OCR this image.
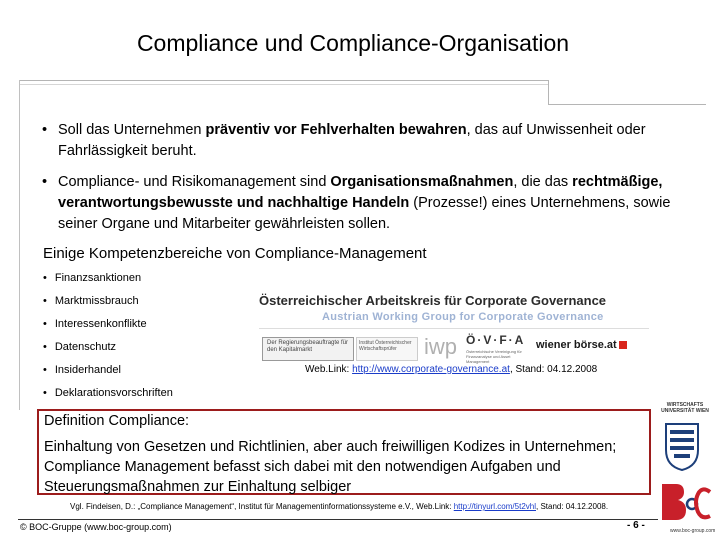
Compliance und Compliance-Organisation
• Soll das Unternehmen präventiv vor Fehlverhalten bewahren, das auf Unwissenheit oder Fahrlässigkeit beruht.
• Compliance- und Risikomanagement sind Organisationsmaßnahmen, die das rechtmäßige, verantwortungsbewusste und nachhaltige Handeln (Prozesse!) eines Unternehmens, sowie seiner Organe und Mitarbeiter gewährleisten sollen.
Einige Kompetenzbereiche von Compliance-Management
• Finanzsanktionen
• Marktmissbrauch
• Interessenkonflikte
• Datenschutz
• Insiderhandel
• Deklarationsvorschriften
Österreichischer Arbeitskreis für Corporate Governance
Austrian Working Group for Corporate Governance
Der Regierungsbeauftragte für den Kapitalmarkt
Institut Österreichischer Wirtschaftsprüfer	iwp Ö·V·F·A
Österreichische Vereinigung für Finanzanalyse und Asset Management
wiener börse.at
Web.Link: http://www.corporate-governance.at, Stand: 04.12.2008
Definition Compliance:
Einhaltung von Gesetzen und Richtlinien, aber auch freiwilligen Kodizes in Unternehmen; Compliance Management befasst sich dabei mit den notwendigen Aufgaben und Steuerungsmaßnahmen zur Einhaltung selbiger
Vgl. Findeisen, D.: „Compliance Management“, Institut für Managementinformationssysteme e.V., Web.Link: http://tinyurl.com/5t2vhl, Stand: 04.12.2008.
© BOC-Gruppe (www.boc-group.com)	- 6 -
WIRTSCHAFTS UNIVERSITÄT WIEN
www.boc-group.com
